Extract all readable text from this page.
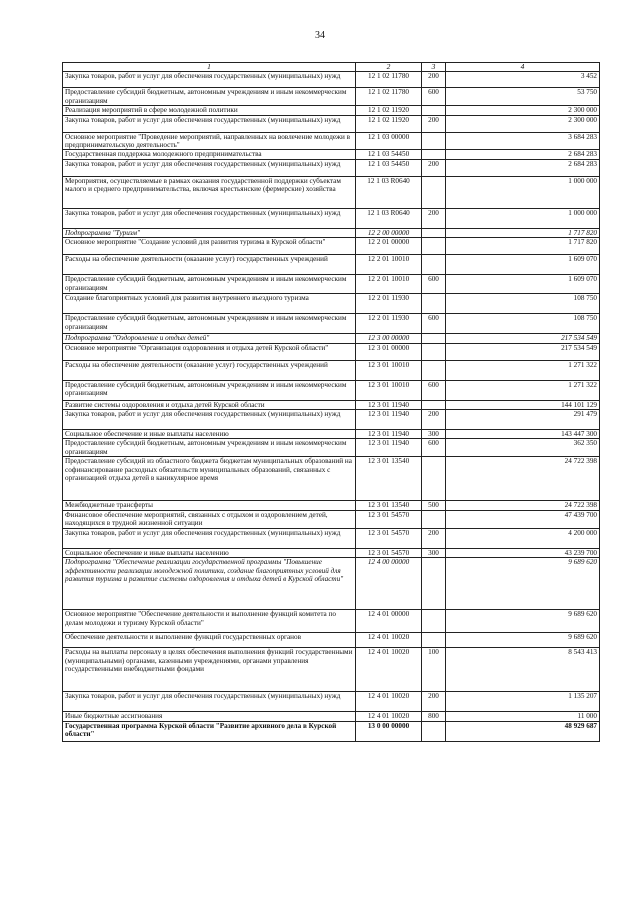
34
1	2	3	4
Закупка товаров, работ и услуг для обеспечения государственных (муниципальных) нужд	12 1 02 11780	200	3 452
Предоставление субсидий бюджетным, автономным учреждениям и иным некоммерческим организациям	12 1 02 11780	600	53 750
Реализация мероприятий в сфере молодежной политики	12 1 02 11920		2 300 000
Закупка товаров, работ и услуг для обеспечения государственных (муниципальных) нужд	12 1 02 11920	200	2 300 000
Основное мероприятие "Проведение мероприятий, направленных на вовлечение молодежи в предпринимательскую деятельность"	12 1 03 00000		3 684 283
Государственная поддержка молодежного предпринимательства	12 1 03 54450		2 684 283
Закупка товаров, работ и услуг для обеспечения государственных (муниципальных) нужд	12 1 03 54450	200	2 684 283
Мероприятия, осуществляемые в рамках оказания государственной поддержки субъектам малого и среднего предпринимательства, включая крестьянские (фермерские) хозяйства	12 1 03 R0640		1 000 000
Закупка товаров, работ и услуг для обеспечения государственных (муниципальных) нужд	12 1 03 R0640	200	1 000 000
Подпрограмма "Туризм"	12 2 00 00000		1 717 820
Основное мероприятие "Создание условий для развития туризма в Курской области"	12 2 01 00000		1 717 820
Расходы на обеспечение деятельности (оказание услуг) государственных учреждений	12 2 01 10010		1 609 070
Предоставление субсидий бюджетным, автономным учреждениям и иным некоммерческим организациям	12 2 01 10010	600	1 609 070
Создание благоприятных условий для развития внутреннего въездного туризма	12 2 01 11930		108 750
Предоставление субсидий бюджетным, автономным учреждениям и иным некоммерческим организациям	12 2 01 11930	600	108 750
Подпрограмма "Оздоровление и отдых детей"	12 3 00 00000		217 534 549
Основное мероприятие "Организация оздоровления и отдыха детей Курской области"	12 3 01 00000		217 534 549
Расходы на обеспечение деятельности (оказание услуг) государственных учреждений	12 3 01 10010		1 271 322
Предоставление субсидий бюджетным, автономным учреждениям и иным некоммерческим организациям	12 3 01 10010	600	1 271 322
Развитие системы оздоровления и отдыха детей Курской области	12 3 01 11940		144 101 129
Закупка товаров, работ и услуг для обеспечения государственных (муниципальных) нужд	12 3 01 11940	200	291 479
Социальное обеспечение и иные выплаты населению	12 3 01 11940	300	143 447 300
Предоставление субсидий бюджетным, автономным учреждениям и иным некоммерческим организациям	12 3 01 11940	600	362 350
Предоставление субсидий из областного бюджета бюджетам муниципальных образований на софинансирование расходных обязательств муниципальных образований, связанных с организацией отдыха детей в каникулярное время	12 3 01 13540		24 722 398
Межбюджетные трансферты	12 3 01 13540	500	24 722 398
Финансовое обеспечение мероприятий, связанных с отдыхом и оздоровлением детей, находящихся в трудной жизненной ситуации	12 3 01 54570		47 439 700
Закупка товаров, работ и услуг для обеспечения государственных (муниципальных) нужд	12 3 01 54570	200	4 200 000
Социальное обеспечение и иные выплаты населению	12 3 01 54570	300	43 239 700
Подпрограмма "Обеспечение реализации государственной программы "Повышение эффективности реализации молодежной политики, создание благоприятных условий для развития туризма и развитие системы оздоровления и отдыха детей в Курской области"	12 4 00 00000		9 689 620
Основное мероприятие "Обеспечение деятельности и выполнение функций комитета по делам молодежи и туризму Курской области"	12 4 01 00000		9 689 620
Обеспечение деятельности и выполнение функций государственных органов	12 4 01 10020		9 689 620
Расходы на выплаты персоналу в целях обеспечения выполнения функций государственными (муниципальными) органами, казенными учреждениями, органами управления государственными внебюджетными фондами	12 4 01 10020	100	8 543 413
Закупка товаров, работ и услуг для обеспечения государственных (муниципальных) нужд	12 4 01 10020	200	1 135 207
Иные бюджетные ассигнования	12 4 01 10020	800	11 000
Государственная программа Курской области "Развитие архивного дела в Курской области"	13 0 00 00000		48 929 687
